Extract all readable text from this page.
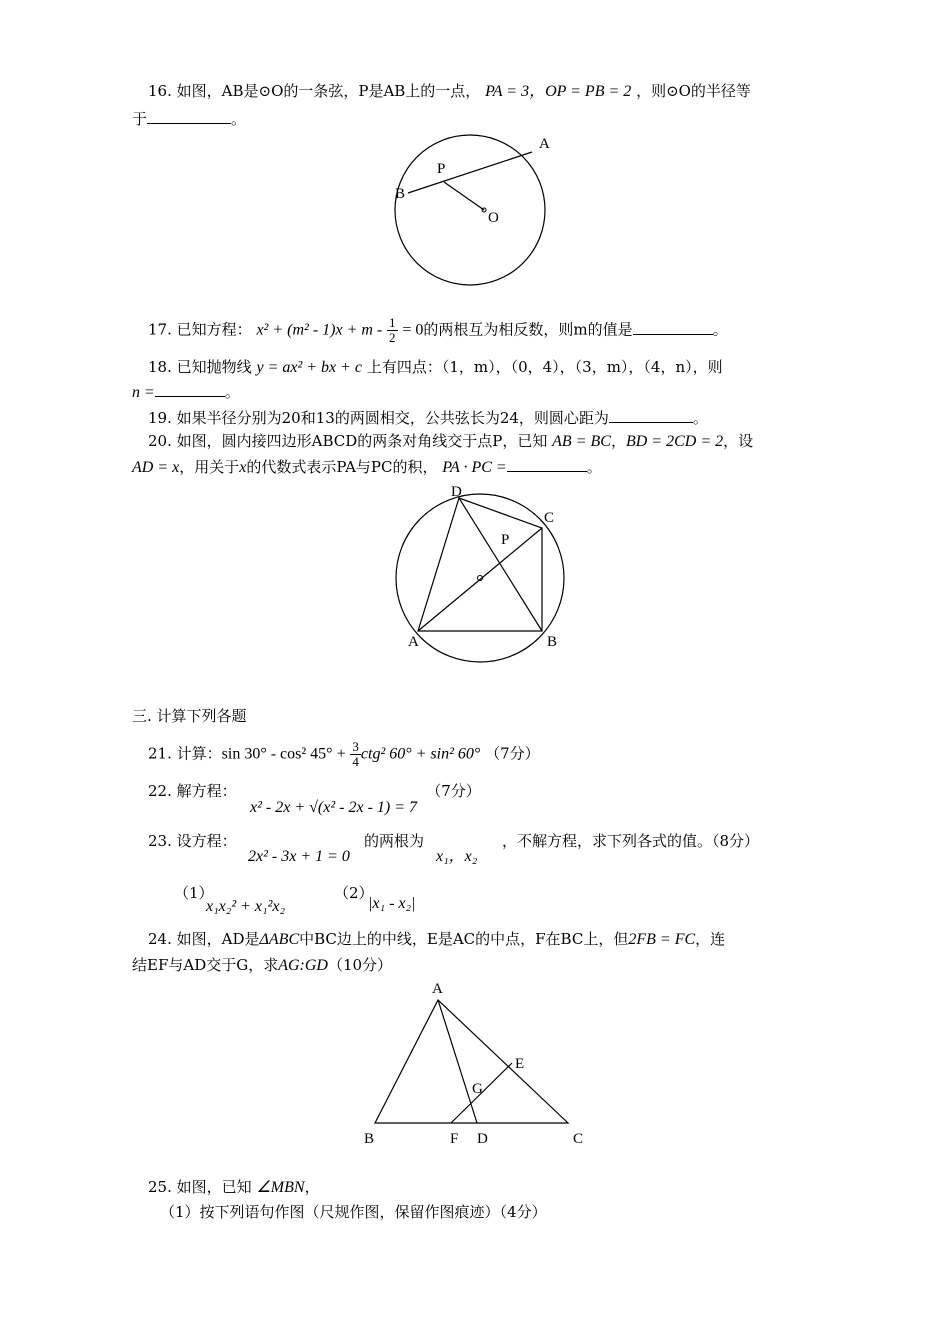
16. 如图，AB是⊙O的一条弦，P是AB上的一点， PA = 3，OP = PB = 2 ，则⊙O的半径等
于	。
A
B
P
O
17. 已知方程： $x^2 + (m^2 - 1)x + m - \frac{1}{2} = 0$的两根互为相反数，则m的值是	。
18. 已知抛物线 y = ax² + bx + c 上有四点：（1，m），（0，4），（3，m），（4，n），则
n =	。
19. 如果半径分别为20和13的两圆相交，公共弦长为24，则圆心距为	。
20. 如图，圆内接四边形ABCD的两条对角线交于点P，已知 AB = BC，BD = 2CD = 2，设
AD = x，用关于x的代数式表示PA与PC的积， PA · PC =	。
D
C
P
A	B
三. 计算下列各题
21. 计算：sin 30° - cos² $45^\circ + \frac{3}{4} ctg^2$ 60° + sin² 60° （7分）
22. 解方程：	（7分）
x² - 2x + √(x² - 2x - 1) = 7
23. 设方程：
2x² - 3x + 1 = 0
的两根为
x₁，x₂
，不解方程，求下列各式的值。（8分）
（1）
x₁x₂² + x₁²x₂
（2）
|x₁ - x₂|
24. 如图，AD是ΔABC中BC边上的中线，E是AC的中点，F在BC上，但2FB = FC，连
结EF与AD交于G，求AG:GD（10分）
A
B	F D	C
E
G
25. 如图，已知 ∠MBN，
（1）按下列语句作图（尺规作图，保留作图痕迹）（4分）
